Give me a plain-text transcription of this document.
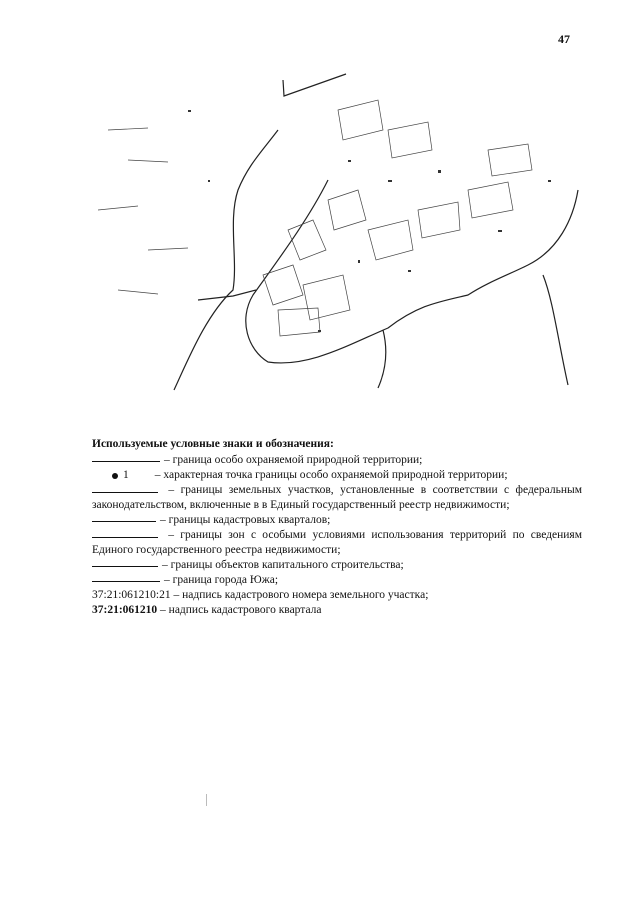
47
Используемые условные знаки и обозначения:
– граница особо охраняемой природной территории;
1 – характерная точка границы особо охраняемой природной территории;
– границы земельных участков, установленные в соответствии с федеральным законодательством, включенные в в Единый государственный реестр недвижимости;
– границы кадастровых кварталов;
– границы зон с особыми условиями использования территорий по сведениям Единого государственного реестра недвижимости;
– границы объектов капитального строительства;
– граница города Южа;
37:21:061210:21 – надпись кадастрового номера земельного участка;
37:21:061210 – надпись кадастрового квартала
